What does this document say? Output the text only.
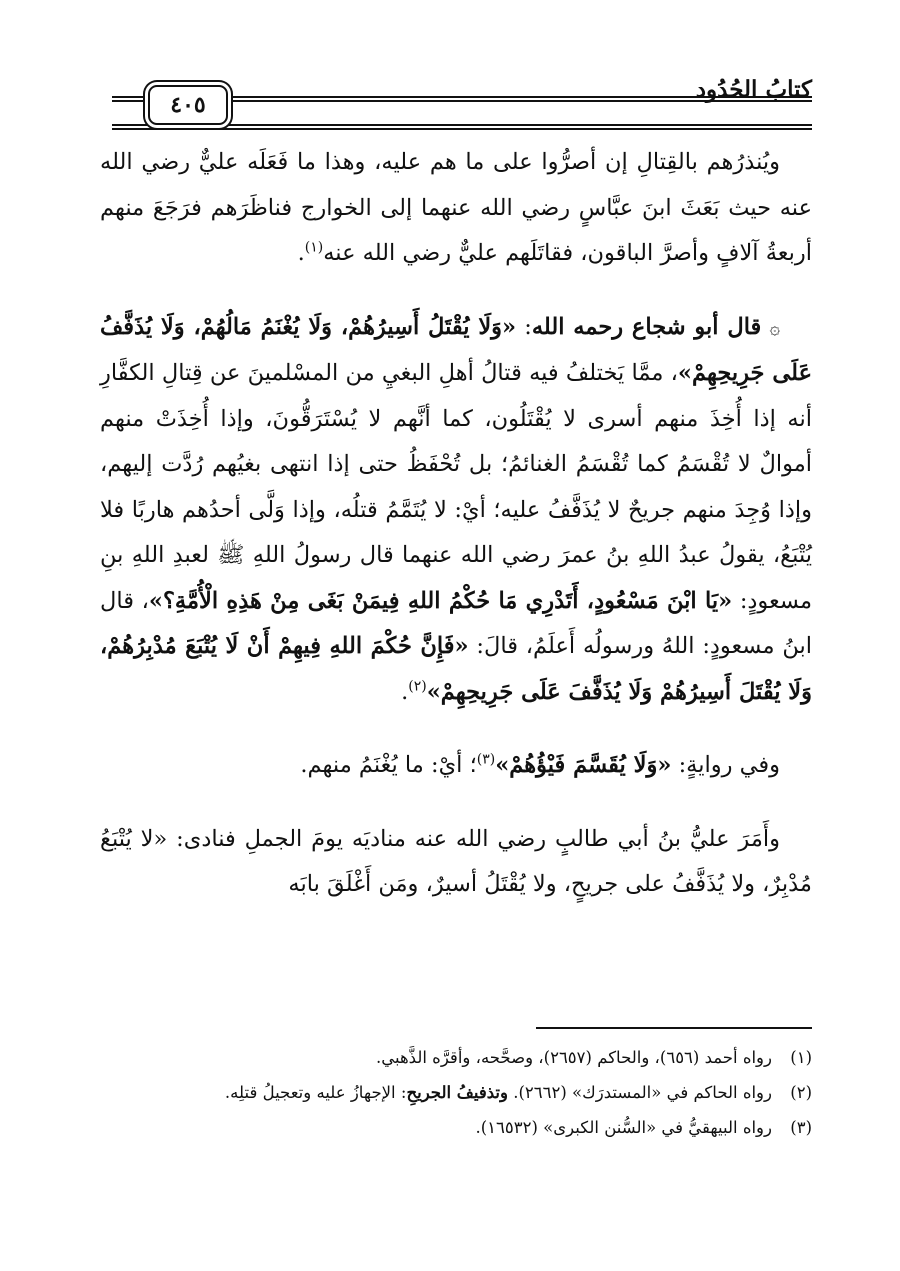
كتابُ الحُدُود
٤٠٥

ويُنذرُهم بالقِتالِ إن أصرُّوا على ما هم عليه، وهذا ما فَعَلَه عليٌّ رضي الله عنه حيث بَعَثَ ابنَ عبَّاسٍ رضي الله عنهما إلى الخوارج فناظَرَهم فرَجَعَ منهم أربعةُ آلافٍ وأصرَّ الباقون، فقاتَلَهم عليٌّ رضي الله عنه$^{(١)}$.

۞ قال أبو شجاع رحمه الله: «وَلَا يُقْتَلُ أَسِيرُهُمْ، وَلَا يُغْنَمُ مَالُهُمْ، وَلَا يُذَفَّفُ عَلَى جَرِيحِهِمْ»، ممَّا يَختلفُ فيه قتالُ أهلِ البغيِ من المسْلمينَ عن قِتالِ الكفَّارِ أنه إذا أُخِذَ منهم أسرى لا يُقْتَلُون، كما أنَّهم لا يُسْتَرَقُّونَ، وإذا أُخِذَتْ منهم أموالٌ لا تُقْسَمُ كما تُقْسَمُ الغنائمُ؛ بل تُحْفَظُ حتى إذا انتهى بغيُهم رُدَّت إليهم، وإذا وُجِدَ منهم جريحٌ لا يُذَفَّفُ عليه؛ أيْ: لا يُتَمَّمُ قتلُه، وإذا وَلَّى أحدُهم هاربًا فلا يُتْبَعُ، يقولُ عبدُ اللهِ بنُ عمرَ رضي الله عنهما قال رسولُ اللهِ ﷺ لعبدِ اللهِ بنِ مسعودٍ: «يَا ابْنَ مَسْعُودٍ، أَتَدْرِي مَا حُكْمُ اللهِ فِيمَنْ بَغَى مِنْ هَذِهِ الْأُمَّةِ؟»، قال ابنُ مسعودٍ: اللهُ ورسولُه أَعلَمُ، قالَ: «فَإِنَّ حُكْمَ اللهِ فِيهِمْ أَنْ لَا يُتْبَعَ مُدْبِرُهُمْ، وَلَا يُقْتَلَ أَسِيرُهُمْ وَلَا يُذَفَّفَ عَلَى جَرِيحِهِمْ»$^{(٢)}$.

وفي روايةٍ: «وَلَا يُقَسَّمَ فَيْؤُهُمْ»$^{(٣)}$؛ أيْ: ما يُغْنَمُ منهم.

وأَمَرَ عليُّ بنُ أبي طالبٍ رضي الله عنه مناديَه يومَ الجملِ فنادى: «لا يُتْبَعُ مُدْبِرٌ، ولا يُذَفَّفُ على جريحٍ، ولا يُقْتَلُ أسيرٌ، ومَن أَغْلَقَ بابَه

(١)
رواه أحمد (٦٥٦)، والحاكم (٢٦٥٧)، وصحَّحه، وأقرَّه الذَّهبي.
(٢)
رواه الحاكم في «المستدرَك» (٢٦٦٢). وتذفيفُ الجريحِ: الإجهازُ عليه وتعجيلُ قتلِه.
(٣)
رواه البيهقيُّ في «السُّنن الكبرى» (١٦٥٣٢).
